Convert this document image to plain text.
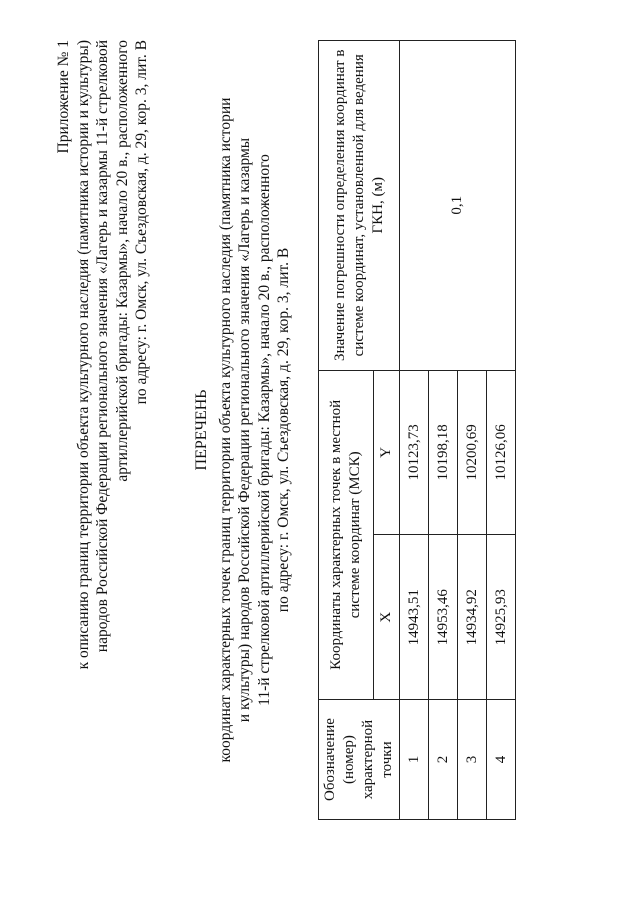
Приложение № 1 к описанию границ территории объекта культурного наследия (памятника истории и культуры) народов Российской Федерации регионального значения «Лагерь и казармы 11-й стрелковой артиллерийской бригады: Казармы», начало 20 в., расположенного по адресу: г. Омск, ул. Съездовская, д. 29, кор. 3, лит. В
ПЕРЕЧЕНЬ координат характерных точек границ территории объекта культурного наследия (памятника истории и культуры) народов Российской Федерации регионального значения «Лагерь и казармы 11-й стрелковой артиллерийской бригады: Казармы», начало 20 в., расположенного по адресу: г. Омск, ул. Съездовская, д. 29, кор. 3, лит. В
Обозначение (номер) характерной точки	Координаты характерных точек в местной системе координат (МСК)		Значение погрешности определения координат в системе координат, установленной для ведения ГКН, (м)
	X	Y	
1	14943,51	10123,73	0,1
2	14953,46	10198,18	
3	14934,92	10200,69	
4	14925,93	10126,06	
